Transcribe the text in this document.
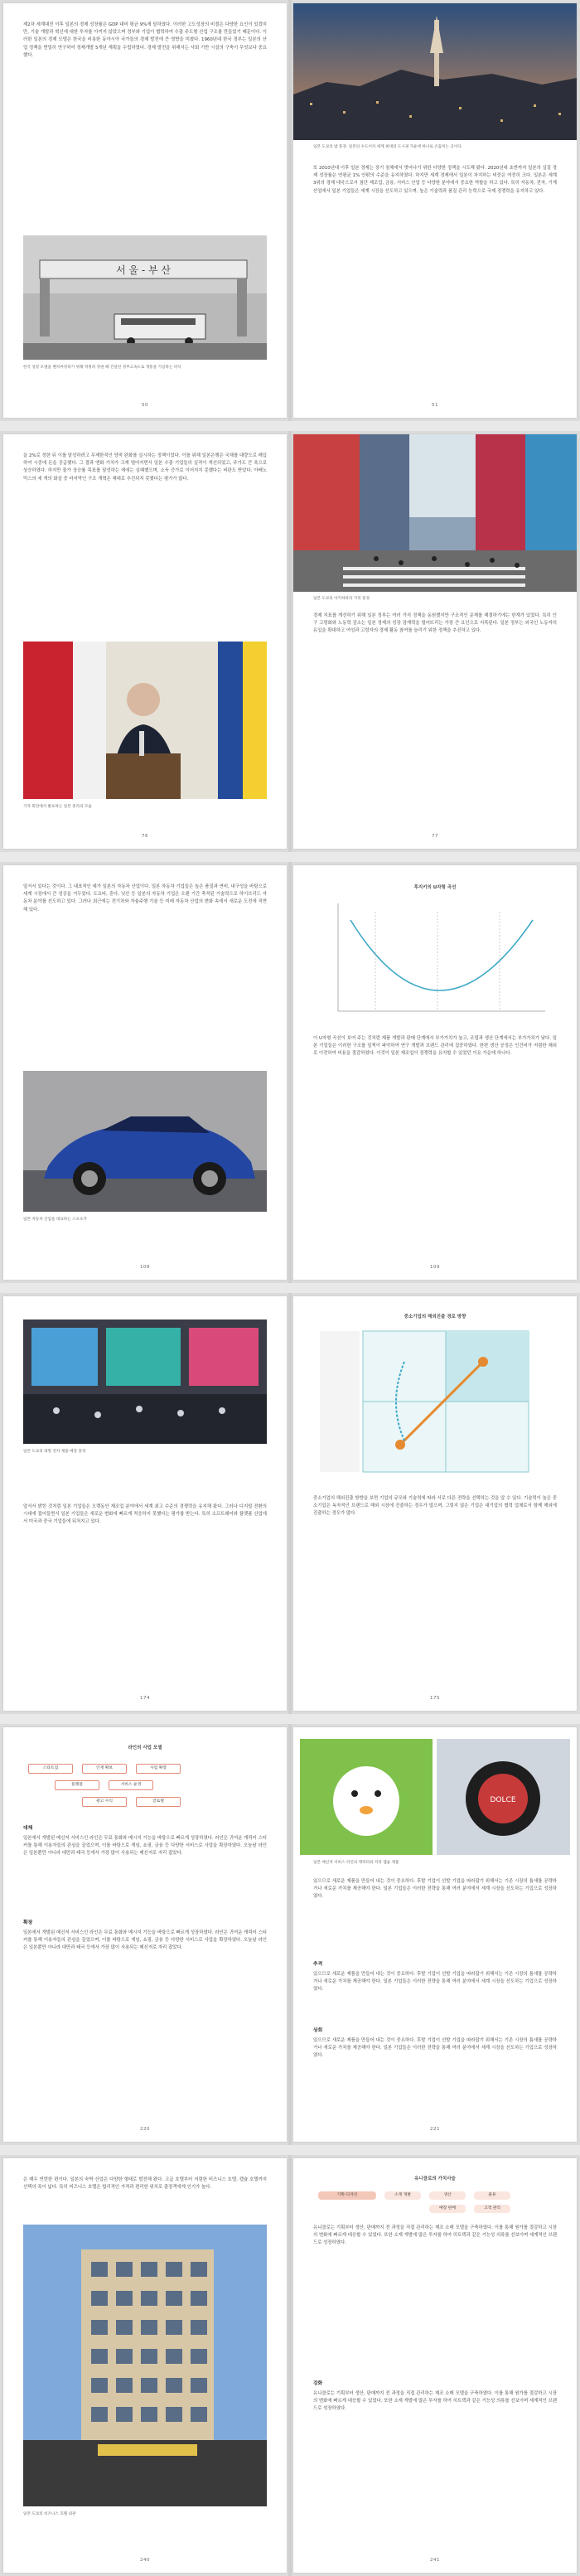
제2차 세계대전 이후 일본의 경제 성장률은 GDP 대비 평균 9%에 달하였다. 이러한 고도성장의 비결은 다양한 요인이 있겠지만, 기술 개발과 혁신에 대한 투자를 아끼지 않았으며 정부와 기업이 협력하여 수출 주도형 산업 구조를 만들었기 때문이다. 이러한 일본의 경제 모델은 한국을 비롯한 동아시아 국가들의 경제 발전에 큰 영향을 미쳤다. 1960년대 한국 정부는 일본의 산업 정책을 면밀히 연구하여 경제개발 5개년 계획을 수립하였다. 경제 발전을 위해서는 사회 기반 시설의 구축이 무엇보다 중요했다.
서 울 - 부 산
한국 성장 모델을 벤치마킹하기 위해 박정희 정권 때 건설된 경부고속도로 개통을 기념하는 비석
50
일본 도쿄의 밤 풍경. 일본의 수도이자 세계 최대의 도시권 가운데 하나로 손꼽히는 곳이다.
또 2010년대 이후 일본 경제는 장기 침체에서 벗어나기 위한 다양한 정책을 시도해 왔다. 2020년대 초반까지 일본의 실질 경제 성장률은 연평균 1% 안팎의 수준을 유지하였다. 하지만 세계 경제에서 일본이 차지하는 비중은 여전히 크다. 일본은 세계 3위의 경제 대국으로서 첨단 제조업, 금융, 서비스 산업 등 다양한 분야에서 중요한 역할을 하고 있다. 특히 자동차, 전자, 기계 산업에서 일본 기업들은 세계 시장을 선도하고 있으며, 높은 기술력과 품질 관리 능력으로 국제 경쟁력을 유지하고 있다.
51
을 2%로 정한 뒤 이를 달성하려고 무제한적인 양적 완화를 실시하는 정책이었다. 이를 위해 일본은행은 국채를 대량으로 매입하여 시중에 돈을 공급했다. 그 결과 엔화 가치가 크게 떨어지면서 일본 수출 기업들의 실적이 개선되었고, 주가도 큰 폭으로 상승하였다. 하지만 물가 상승률 목표를 달성하는 데에는 실패했으며, 소득 증가로 이어지지 못했다는 비판도 받았다. 아베노믹스의 세 개의 화살 중 마지막인 구조 개혁은 제대로 추진되지 못했다는 평가가 많다.
기자 회견에서 발표하는 일본 총리의 모습
76
일본 도쿄의 아키하바라 거리 풍경
경제 지표를 개선하기 위해 일본 정부는 여러 가지 정책을 동원했지만 구조적인 문제를 해결하기에는 한계가 있었다. 특히 인구 고령화와 노동력 감소는 일본 경제의 성장 잠재력을 떨어뜨리는 가장 큰 요인으로 지목된다. 일본 정부는 외국인 노동자의 유입을 확대하고 여성과 고령자의 경제 활동 참여를 늘리기 위한 정책을 추진하고 있다.
77
앞서서 있다는 것이다. 그 대표적인 예가 일본의 자동차 산업이다. 일본 자동차 기업들은 높은 품질과 연비, 내구성을 바탕으로 세계 시장에서 큰 성공을 거두었다. 도요타, 혼다, 닛산 등 일본의 자동차 기업은 오랜 기간 축적된 기술력으로 하이브리드 자동차 분야를 선도하고 있다. 그러나 최근에는 전기차와 자율주행 기술 등 미래 자동차 산업의 변화 속에서 새로운 도전에 직면해 있다.
일본 자동차 산업을 대표하는 스포츠카
108
후지키의 U자형 곡선
이 U자형 곡선이 보여 주는 것처럼 제품 개발과 판매 단계에서 부가가치가 높고, 조립과 생산 단계에서는 부가가치가 낮다. 일본 기업들은 이러한 구조를 일찍이 파악하여 연구 개발과 브랜드 관리에 집중하였다. 한편 생산 공정은 인건비가 저렴한 해외로 이전하여 비용을 절감하였다. 이것이 일본 제조업이 경쟁력을 유지할 수 있었던 이유 가운데 하나다.
109
일본 도쿄의 대형 전자 제품 매장 풍경
앞서서 밝힌 것처럼 일본 기업들은 오랫동안 제조업 분야에서 세계 최고 수준의 경쟁력을 유지해 왔다. 그러나 디지털 전환의 시대에 접어들면서 일본 기업들은 새로운 변화에 빠르게 적응하지 못했다는 평가를 받는다. 특히 소프트웨어와 플랫폼 산업에서 미국과 중국 기업들에 뒤처지고 있다.
174
중소기업의 해외진출 경로 방향
중소기업의 해외진출 방향을 보면 기업의 규모와 기술력에 따라 서로 다른 전략을 선택하는 것을 알 수 있다. 기술력이 높은 중소기업은 독자적인 브랜드로 해외 시장에 진출하는 경우가 많으며, 그렇지 않은 기업은 대기업의 협력 업체로서 함께 해외에 진출하는 경우가 많다.
175
라인의 사업 모델
스타트업	인재 확보	사업 확장
플랫폼	서비스 운영
광고 수익	글로벌
대체
일본에서 개발된 메신저 서비스인 라인은 무료 통화와 메시지 기능을 바탕으로 빠르게 성장하였다. 라인은 귀여운 캐릭터 스티커를 통해 이용자들의 관심을 끌었으며, 이를 바탕으로 게임, 쇼핑, 금융 등 다양한 서비스로 사업을 확장하였다. 오늘날 라인은 일본뿐만 아니라 대만과 태국 등에서 가장 많이 사용되는 메신저로 자리 잡았다.
확장
일본에서 개발된 메신저 서비스인 라인은 무료 통화와 메시지 기능을 바탕으로 빠르게 성장하였다. 라인은 귀여운 캐릭터 스티커를 통해 이용자들의 관심을 끌었으며, 이를 바탕으로 게임, 쇼핑, 금융 등 다양한 서비스로 사업을 확장하였다. 오늘날 라인은 일본뿐만 아니라 대만과 태국 등에서 가장 많이 사용되는 메신저로 자리 잡았다.
220
DOLCE
일본 메신저 서비스 라인의 캐릭터와 커피 캡슐 제품
있으므로 새로운 제품을 만들어 내는 것이 중요하다. 후발 기업이 선발 기업을 따라잡기 위해서는 기존 시장의 틈새를 공략하거나 새로운 가치를 제공해야 한다. 일본 기업들은 이러한 전략을 통해 여러 분야에서 세계 시장을 선도하는 기업으로 성장하였다.
추격
있으므로 새로운 제품을 만들어 내는 것이 중요하다. 후발 기업이 선발 기업을 따라잡기 위해서는 기존 시장의 틈새를 공략하거나 새로운 가치를 제공해야 한다. 일본 기업들은 이러한 전략을 통해 여러 분야에서 세계 시장을 선도하는 기업으로 성장하였다.
상회
있으므로 새로운 제품을 만들어 내는 것이 중요하다. 후발 기업이 선발 기업을 따라잡기 위해서는 기존 시장의 틈새를 공략하거나 새로운 가치를 제공해야 한다. 일본 기업들은 이러한 전략을 통해 여러 분야에서 세계 시장을 선도하는 기업으로 성장하였다.
221
은 매우 빈번한 편이다. 일본의 숙박 산업은 다양한 형태로 발전해 왔다. 고급 호텔부터 저렴한 비즈니스 호텔, 캡슐 호텔까지 선택의 폭이 넓다. 특히 비즈니스 호텔은 합리적인 가격과 편리한 위치로 출장객에게 인기가 높다.
일본 도쿄의 비즈니스 호텔 외관
240
유니클로의 가치사슬
기획·디자인	소재 개발	생산	물류
매장 판매	고객 관리
유니클로는 기획부터 생산, 판매까지 전 과정을 직접 관리하는 제조 소매 모델을 구축하였다. 이를 통해 원가를 절감하고 시장의 변화에 빠르게 대응할 수 있었다. 또한 소재 개발에 많은 투자를 하여 히트텍과 같은 기능성 의류를 선보이며 세계적인 브랜드로 성장하였다.
강화
유니클로는 기획부터 생산, 판매까지 전 과정을 직접 관리하는 제조 소매 모델을 구축하였다. 이를 통해 원가를 절감하고 시장의 변화에 빠르게 대응할 수 있었다. 또한 소재 개발에 많은 투자를 하여 히트텍과 같은 기능성 의류를 선보이며 세계적인 브랜드로 성장하였다.
241
